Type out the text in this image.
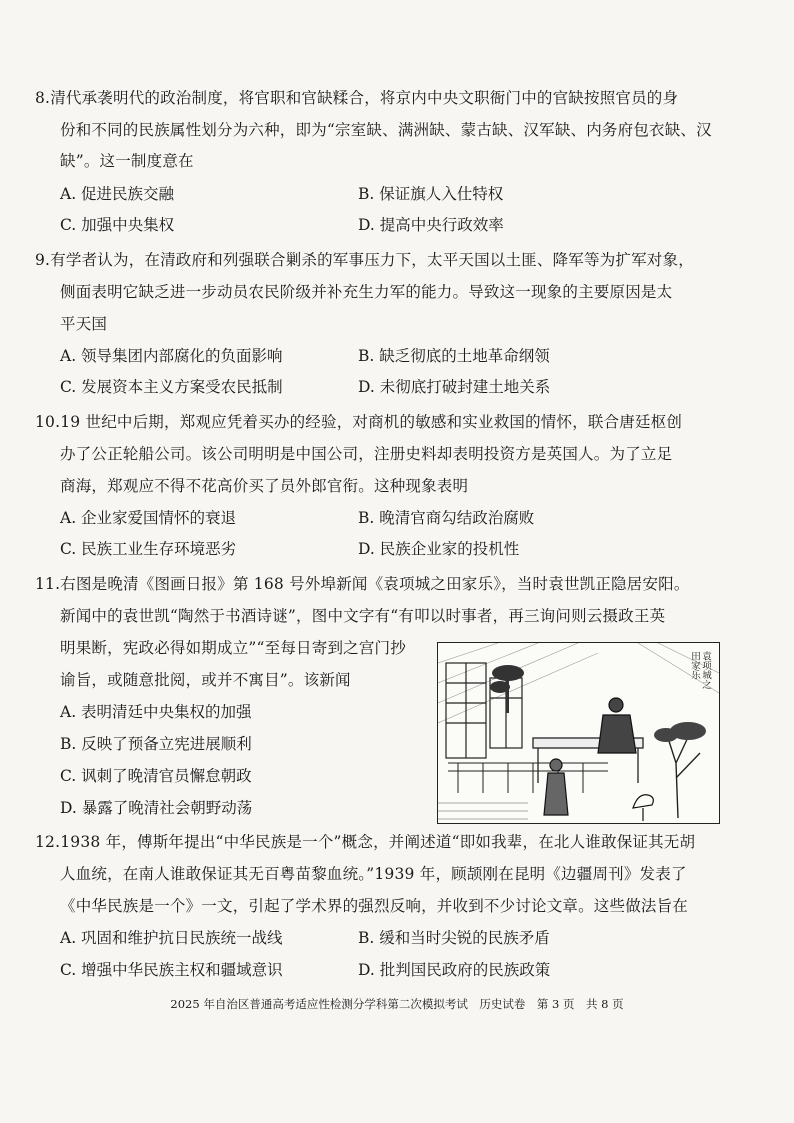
8.清代承袭明代的政治制度，将官职和官缺糅合，将京内中央文职衙门中的官缺按照官员的身
份和不同的民族属性划分为六种，即为“宗室缺、满洲缺、蒙古缺、汉军缺、内务府包衣缺、汉
缺”。这一制度意在
A. 促进民族交融	B. 保证旗人入仕特权
C. 加强中央集权	D. 提高中央行政效率
9.有学者认为，在清政府和列强联合剿杀的军事压力下，太平天国以土匪、降军等为扩军对象，
侧面表明它缺乏进一步动员农民阶级并补充生力军的能力。导致这一现象的主要原因是太
平天国
A. 领导集团内部腐化的负面影响	B. 缺乏彻底的土地革命纲领
C. 发展资本主义方案受农民抵制	D. 未彻底打破封建土地关系
10.19 世纪中后期，郑观应凭着买办的经验，对商机的敏感和实业救国的情怀，联合唐廷枢创
办了公正轮船公司。该公司明明是中国公司，注册史料却表明投资方是英国人。为了立足
商海，郑观应不得不花高价买了员外郎官衔。这种现象表明
A. 企业家爱国情怀的衰退	B. 晚清官商勾结政治腐败
C. 民族工业生存环境恶劣	D. 民族企业家的投机性
11.右图是晚清《图画日报》第 168 号外埠新闻《袁项城之田家乐》，当时袁世凯正隐居安阳。
新闻中的袁世凯“陶然于书酒诗谜”，图中文字有“有叩以时事者，再三询问则云摄政王英
明果断，宪政必得如期成立”“至每日寄到之宫门抄
谕旨，或随意批阅，或并不寓目”。该新闻
A. 表明清廷中央集权的加强
B. 反映了预备立宪进展顺利
C. 讽刺了晚清官员懈怠朝政
D. 暴露了晚清社会朝野动荡
袁项城之田家乐
12.1938 年，傅斯年提出“中华民族是一个”概念，并阐述道“即如我辈，在北人谁敢保证其无胡
人血统，在南人谁敢保证其无百粤苗黎血统。”1939 年，顾颉刚在昆明《边疆周刊》发表了
《中华民族是一个》一文，引起了学术界的强烈反响，并收到不少讨论文章。这些做法旨在
A. 巩固和维护抗日民族统一战线	B. 缓和当时尖锐的民族矛盾
C. 增强中华民族主权和疆域意识	D. 批判国民政府的民族政策
2025 年自治区普通高考适应性检测分学科第二次模拟考试　历史试卷　第 3 页　共 8 页
